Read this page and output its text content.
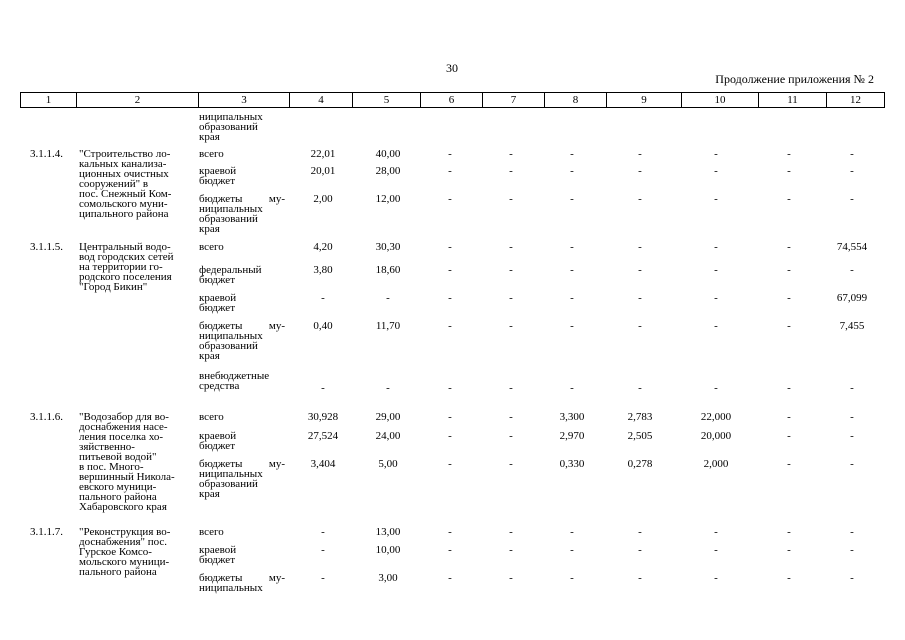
30
Продолжение приложения № 2
1	2	3	4	5	6	7	8	9	10	11	12
ниципальных
образований
края
3.1.1.4. "Строительство ло-
кальных канализа-
ционных очистных
сооружений" в
пос. Снежный Ком-
сомольского муни-
ципального района
всего	22,01	40,00	-	-	-	-	-	-	-
краевой
бюджет
20,01	28,00	-	-	-	-	-	-	-
бюджеты му-
ниципальных
образований
края
2,00	12,00	-	-	-	-	-	-	-
3.1.1.5. Центральный водо-
вод городских сетей
на территории го-
родского поселения
"Город Бикин"
всего	4,20	30,30	-	-	-	-	-	-	74,554
федеральный
бюджет
3,80	18,60	-	-	-	-	-	-	-
краевой
бюджет
-	-	-	-	-	-	-	-	67,099
бюджеты му-
ниципальных
образований
края
0,40	11,70	-	-	-	-	-	-	7,455
внебюджетные
средства	-	-	-	-	-	-	-	-	-
3.1.1.6. "Водозабор для во-
доснабжения насе-
ления поселка хо-
зяйственно-
питьевой водой"
в пос. Много-
вершинный Никола-
евского муници-
пального района
Хабаровского края
всего	30,928	29,00	-	-	3,300	2,783	22,000	-	-
краевой
бюджет
27,524	24,00	-	-	2,970	2,505	20,000	-	-
бюджеты му-
ниципальных
образований
края
3,404	5,00	-	-	0,330	0,278	2,000	-	-
3.1.1.7. "Реконструкция во-
доснабжения" пос.
Гурское Комсо-
мольского муници-
пального района
всего	-	13,00	-	-	-	-	-	-	-
краевой
бюджет
-	10,00	-	-	-	-	-	-	-
бюджеты му-
ниципальных
-	3,00	-	-	-	-	-	-	-
